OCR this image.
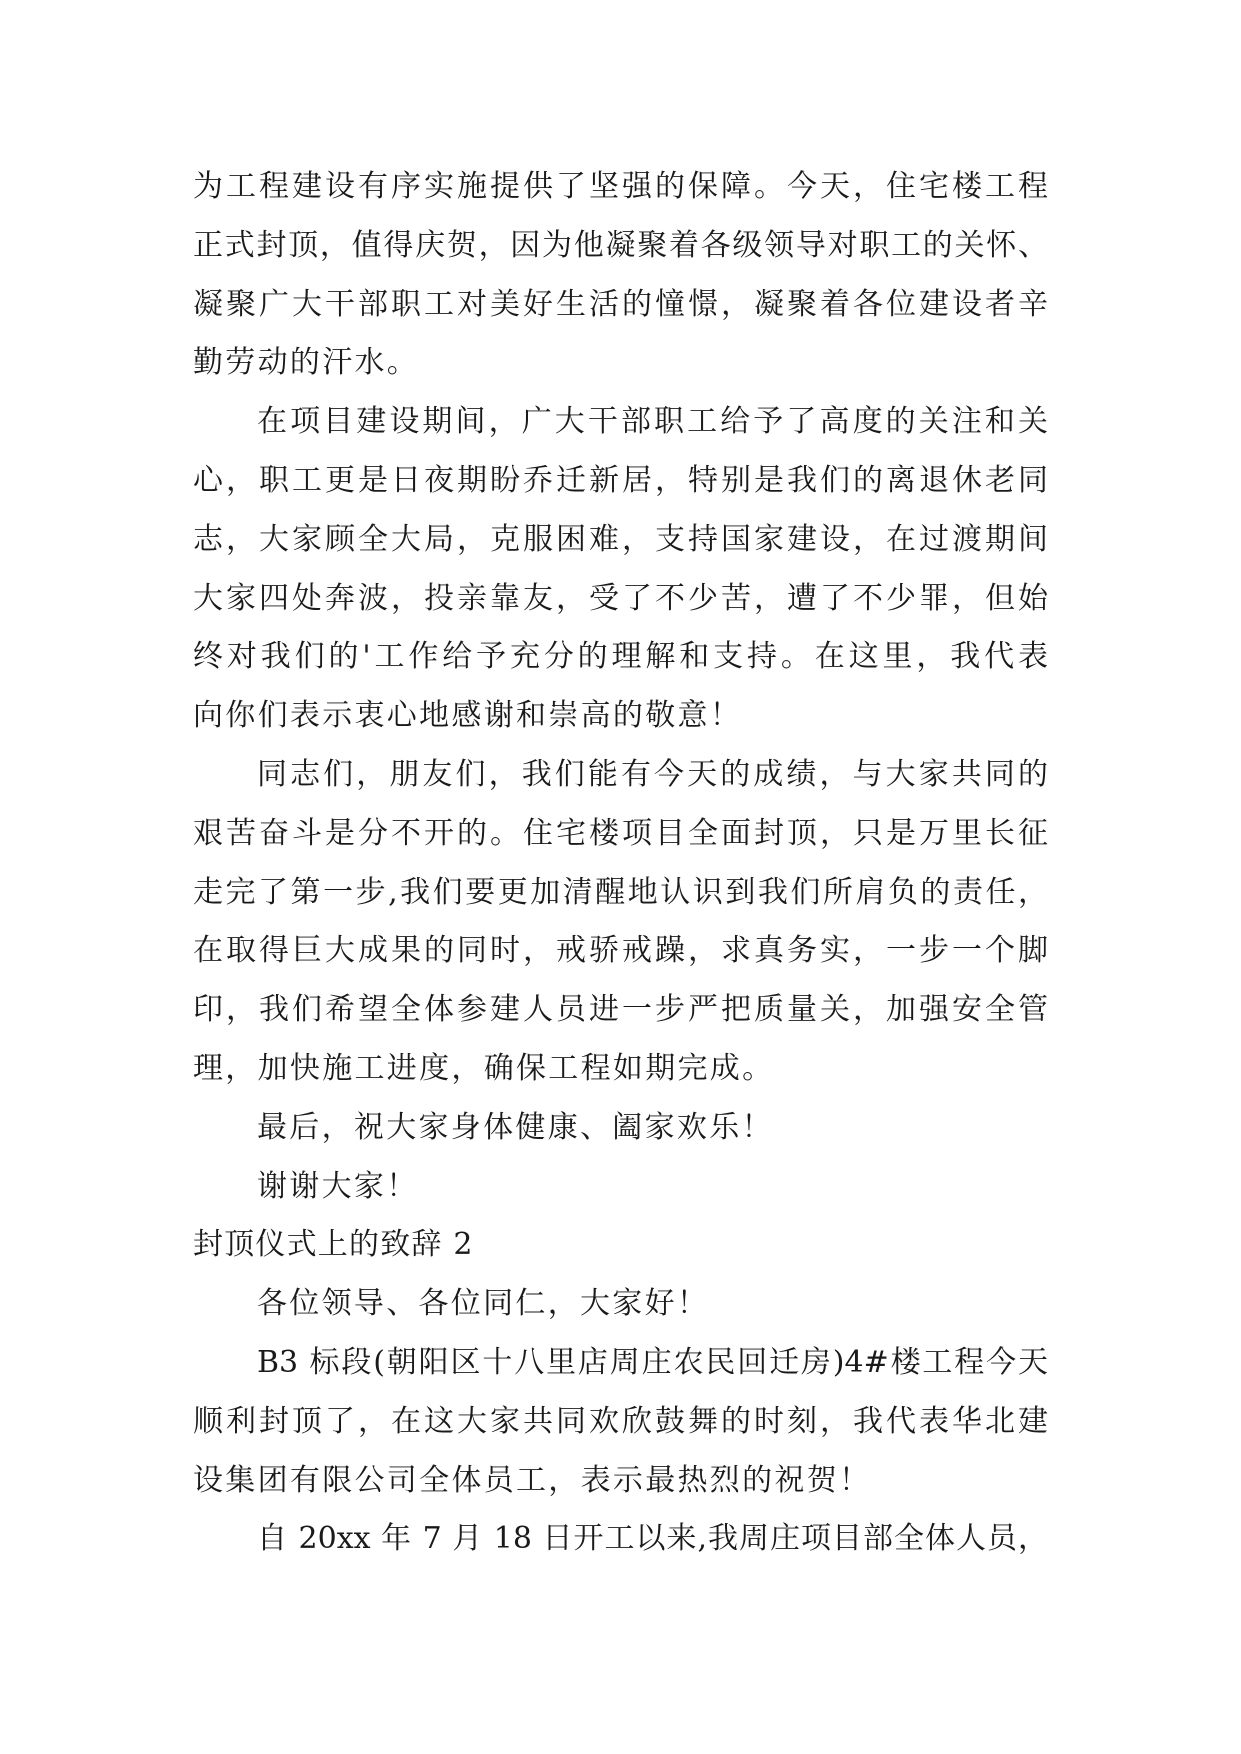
为工程建设有序实施提供了坚强的保障。今天，住宅楼工程
正式封顶，值得庆贺，因为他凝聚着各级领导对职工的关怀、
凝聚广大干部职工对美好生活的憧憬，凝聚着各位建设者辛
勤劳动的汗水。
在项目建设期间，广大干部职工给予了高度的关注和关
心，职工更是日夜期盼乔迁新居，特别是我们的离退休老同
志，大家顾全大局，克服困难，支持国家建设，在过渡期间
大家四处奔波，投亲靠友，受了不少苦，遭了不少罪，但始
终对我们的'工作给予充分的理解和支持。在这里，我代表
向你们表示衷心地感谢和崇高的敬意！
同志们，朋友们，我们能有今天的成绩，与大家共同的
艰苦奋斗是分不开的。住宅楼项目全面封顶，只是万里长征
走完了第一步,我们要更加清醒地认识到我们所肩负的责任，
在取得巨大成果的同时，戒骄戒躁，求真务实，一步一个脚
印，我们希望全体参建人员进一步严把质量关，加强安全管
理，加快施工进度，确保工程如期完成。
最后，祝大家身体健康、阖家欢乐！
谢谢大家！
封顶仪式上的致辞 2
各位领导、各位同仁，大家好！
B3 标段(朝阳区十八里店周庄农民回迁房)4#楼工程今天
顺利封顶了，在这大家共同欢欣鼓舞的时刻，我代表华北建
设集团有限公司全体员工，表示最热烈的祝贺！
自 20xx 年 7 月 18 日开工以来,我周庄项目部全体人员，
